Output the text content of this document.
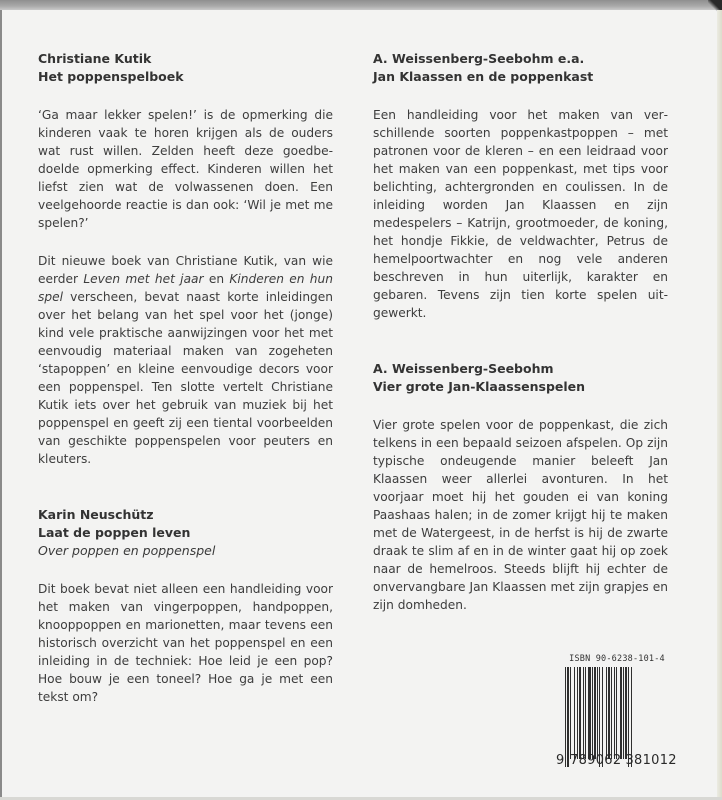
Christiane Kutik

Het poppenspelboek

‘Ga maar lekker spelen!’ is de opmerking die kinderen vaak te horen krijgen als de ouders wat rust willen. Zelden heeft deze goedbedoelde opmerking effect. Kinderen willen het liefst zien wat de volwassenen doen. Een veelgehoorde reactie is dan ook: ‘Wil je met me spelen?’

Dit nieuwe boek van Christiane Kutik, van wie eerder Leven met het jaar en Kinderen en hun spel verscheen, bevat naast korte inleidingen over het belang van het spel voor het (jonge) kind vele praktische aanwijzingen voor het met eenvoudig materiaal maken van zogeheten ‘stapoppen’ en kleine eenvoudige decors voor een poppenspel. Ten slotte vertelt Christiane Kutik iets over het gebruik van muziek bij het poppenspel en geeft zij een tiental voorbeelden van geschikte poppenspelen voor peuters en kleuters.

Karin Neuschütz

Laat de poppen leven

Over poppen en poppenspel

Dit boek bevat niet alleen een handleiding voor het maken van vingerpoppen, handpoppen, knooppoppen en marionetten, maar tevens een historisch overzicht van het poppenspel en een inleiding in de techniek: Hoe leid je een pop? Hoe bouw je een toneel? Hoe ga je met een tekst om?

A. Weissenberg-Seebohm e.a.

Jan Klaassen en de poppenkast

Een handleiding voor het maken van verschillende soorten poppenkastpoppen – met patronen voor de kleren – en een leidraad voor het maken van een poppenkast, met tips voor belichting, achtergronden en coulissen. In de inleiding worden Jan Klaassen en zijn medespelers – Katrijn, grootmoeder, de koning, het hondje Fikkie, de veldwachter, Petrus de hemelpoortwachter en nog vele anderen beschreven in hun uiterlijk, karakter en gebaren. Tevens zijn tien korte spelen uitgewerkt.

A. Weissenberg-Seebohm

Vier grote Jan-Klaassenspelen

Vier grote spelen voor de poppenkast, die zich telkens in een bepaald seizoen afspelen. Op zijn typische ondeugende manier beleeft Jan Klaassen weer allerlei avonturen. In het voorjaar moet hij het gouden ei van koning Paashaas halen; in de zomer krijgt hij te maken met de Watergeest, in de herfst is hij de zwarte draak te slim af en in de winter gaat hij op zoek naar de hemelroos. Steeds blijft hij echter de onvervangbare Jan Klaassen met zijn grapjes en zijn domheden.

ISBN 90-6238-101-4
9 789062 381012
